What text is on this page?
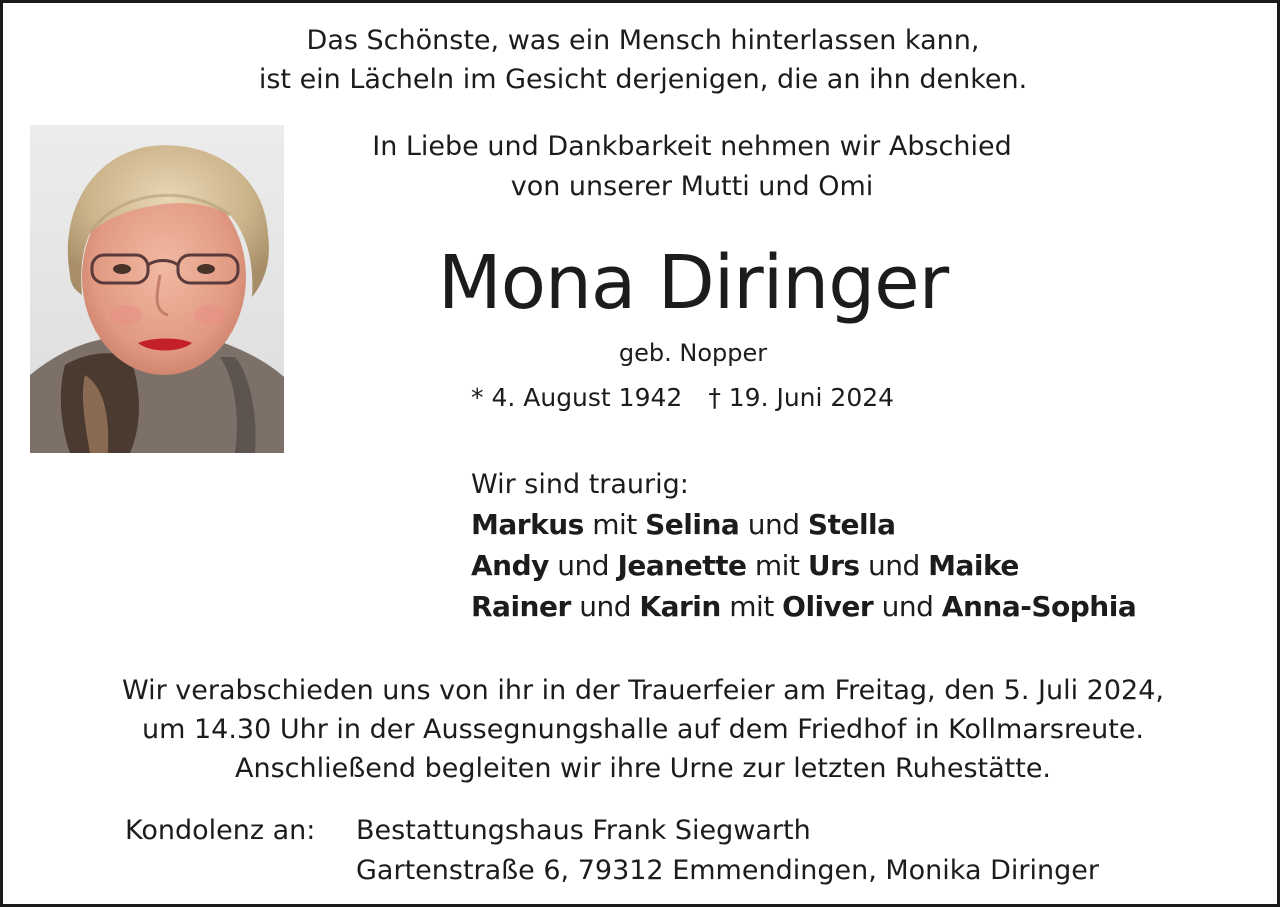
Das Schönste, was ein Mensch hinterlassen kann,

ist ein Lächeln im Gesicht derjenigen, die an ihn denken.

In Liebe und Dankbarkeit nehmen wir Abschied

von unserer Mutti und Omi

Mona Diringer

geb. Nopper

* 4. August 1942 † 19. Juni 2024

Wir sind traurig:

Markus mit Selina und Stella

Andy und Jeanette mit Urs und Maike

Rainer und Karin mit Oliver und Anna-Sophia

Wir verabschieden uns von ihr in der Trauerfeier am Freitag, den 5. Juli 2024,

um 14.30 Uhr in der Aussegnungshalle auf dem Friedhof in Kollmarsreute.

Anschließend begleiten wir ihre Urne zur letzten Ruhestätte.

Kondolenz an: Bestattungshaus Frank Siegwarth

Gartenstraße 6, 79312 Emmendingen, Monika Diringer
